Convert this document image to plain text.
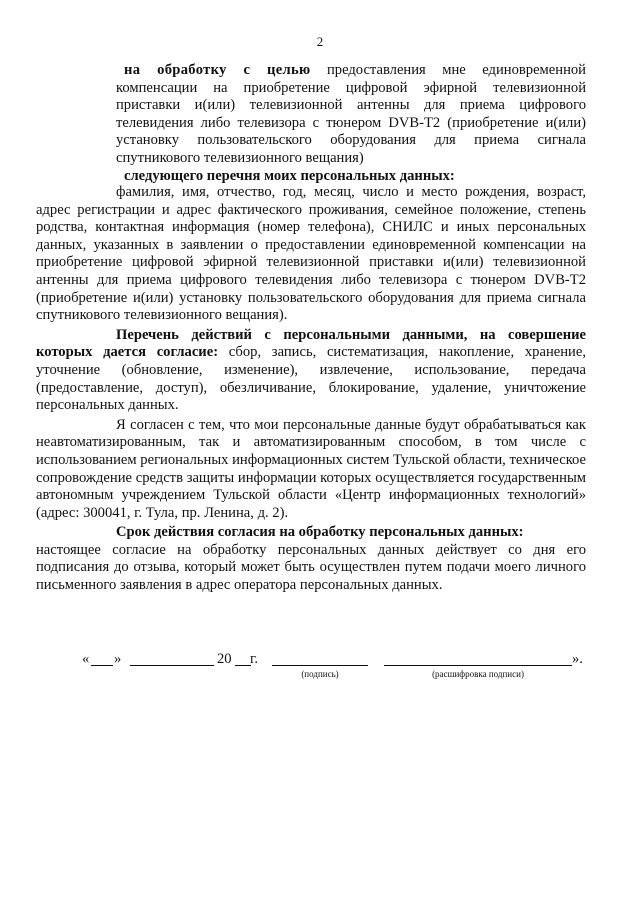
2

на обработку с целью предоставления мне единовременной компенсации на приобретение цифровой эфирной телевизионной приставки и(или) телевизионной антенны для приема цифрового телевидения либо телевизора с тюнером DVB-T2 (приобретение и(или) установку пользовательского оборудования для приема сигнала спутникового телевизионного вещания)

следующего перечня моих персональных данных:

фамилия, имя, отчество, год, месяц, число и место рождения, возраст, адрес регистрации и адрес фактического проживания, семейное положение, степень родства, контактная информация (номер телефона), СНИЛС и иных персональных данных, указанных в заявлении о предоставлении единовременной компенсации на приобретение цифровой эфирной телевизионной приставки и(или) телевизионной антенны для приема цифрового телевидения либо телевизора с тюнером DVB-T2 (приобретение и(или) установку пользовательского оборудования для приема сигнала спутникового телевизионного вещания).

Перечень действий с персональными данными, на совершение которых дается согласие: сбор, запись, систематизация, накопление, хранение, уточнение (обновление, изменение), извлечение, использование, передача (предоставление, доступ), обезличивание, блокирование, удаление, уничтожение персональных данных.

Я согласен с тем, что мои персональные данные будут обрабатываться как неавтоматизированным, так и автоматизированным способом, в том числе с использованием региональных информационных систем Тульской области, техническое сопровождение средств защиты информации которых осуществляется государственным автономным учреждением Тульской области «Центр информационных технологий» (адрес: 300041, г. Тула, пр. Ленина, д. 2).

Срок действия согласия на обработку персональных данных:

настоящее согласие на обработку персональных данных действует со дня его подписания до отзыва, который может быть осуществлен путем подачи моего личного письменного заявления в адрес оператора персональных данных.

« »	20 г.
(подпись)	(расшифровка подписи)
».
